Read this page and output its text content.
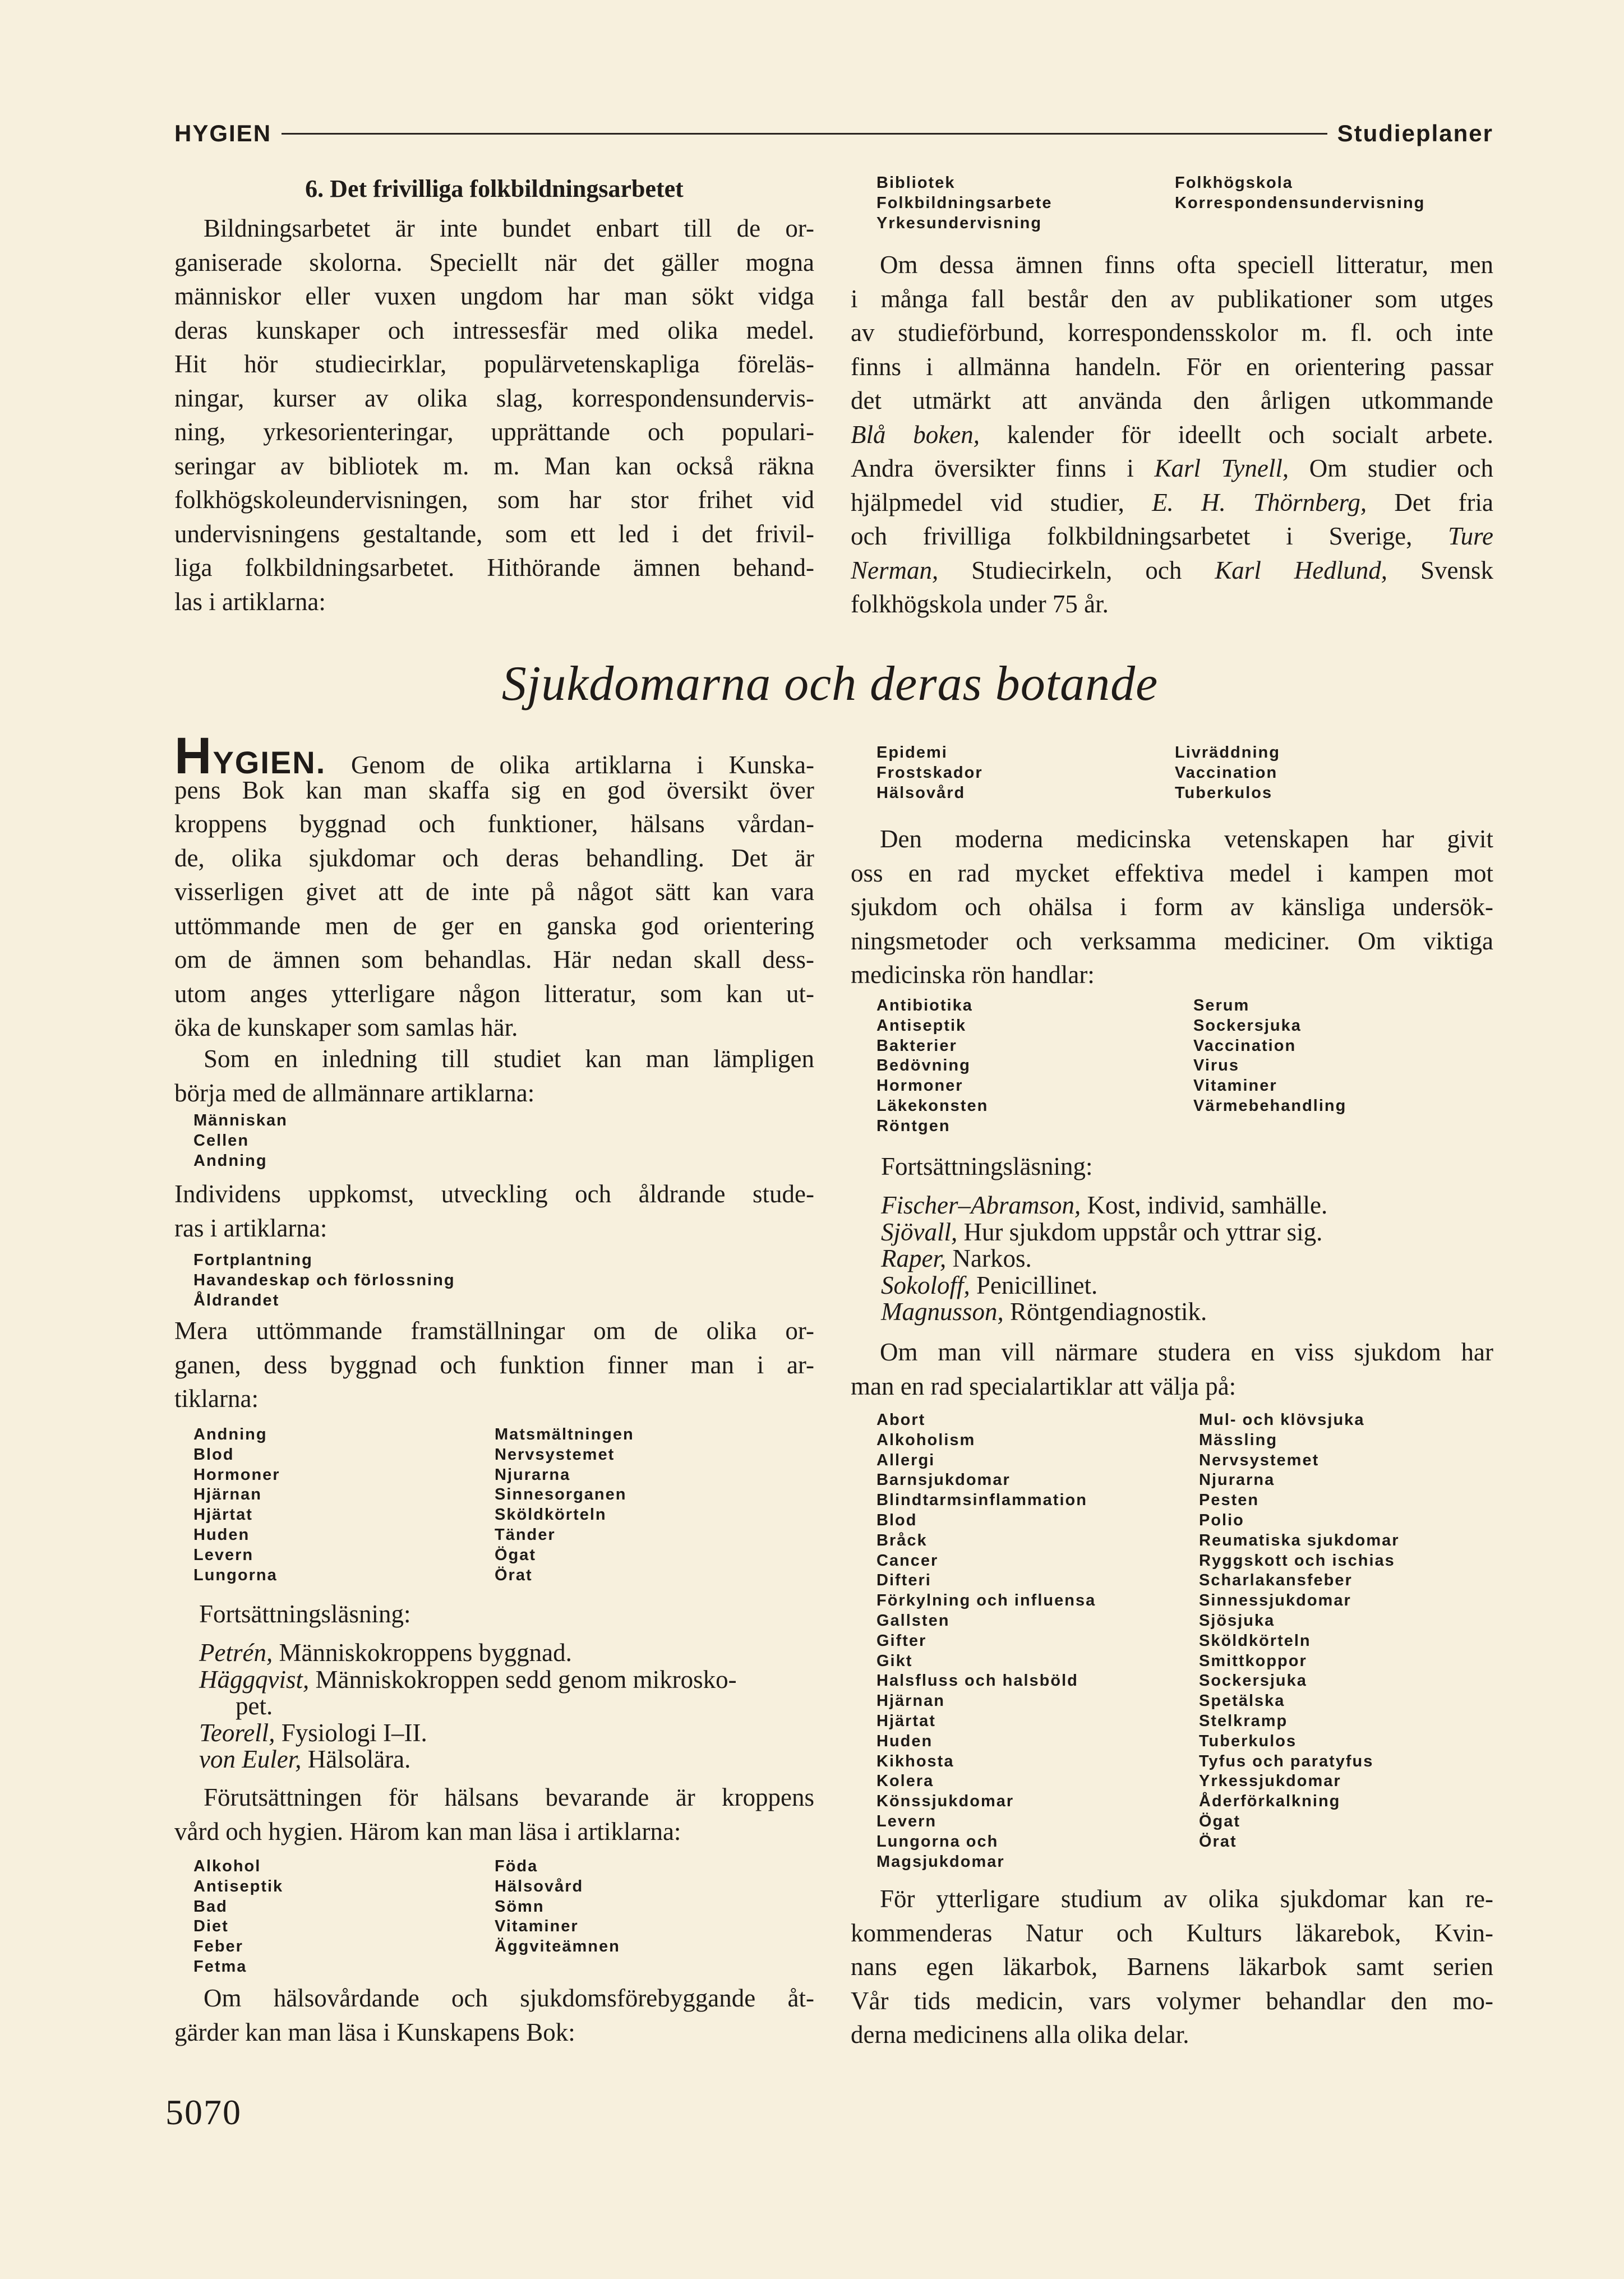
HYGIEN	Studieplaner
6. Det frivilliga folkbildningsarbetet
Bildningsarbetet är inte bundet enbart till de or-
ganiserade skolorna. Speciellt när det gäller mogna
människor eller vuxen ungdom har man sökt vidga
deras kunskaper och intressesfär med olika medel.
Hit hör studiecirklar, populärvetenskapliga föreläs-
ningar, kurser av olika slag, korrespondensundervis-
ning, yrkesorienteringar, upprättande och populari-
seringar av bibliotek m. m. Man kan också räkna
folkhögskoleundervisningen, som har stor frihet vid
undervisningens gestaltande, som ett led i det frivil-
liga folkbildningsarbetet. Hithörande ämnen behand-
las i artiklarna:
Bibliotek
Folkbildningsarbete
Yrkesundervisning
Folkhögskola
Korrespondensundervisning
Om dessa ämnen finns ofta speciell litteratur, men
i många fall består den av publikationer som utges
av studieförbund, korrespondensskolor m. fl. och inte
finns i allmänna handeln. För en orientering passar
det utmärkt att använda den årligen utkommande
Blå boken, kalender för ideellt och socialt arbete.
Andra översikter finns i Karl Tynell, Om studier och
hjälpmedel vid studier, E. H. Thörnberg, Det fria
och frivilliga folkbildningsarbetet i Sverige, Ture
Nerman, Studiecirkeln, och Karl Hedlund, Svensk
folkhögskola under 75 år.
Sjukdomarna och deras botande
HYGIEN. Genom de olika artiklarna i Kunska-
pens Bok kan man skaffa sig en god översikt över
kroppens byggnad och funktioner, hälsans vårdan-
de, olika sjukdomar och deras behandling. Det är
visserligen givet att de inte på något sätt kan vara
uttömmande men de ger en ganska god orientering
om de ämnen som behandlas. Här nedan skall dess-
utom anges ytterligare någon litteratur, som kan ut-
öka de kunskaper som samlas här.
Som en inledning till studiet kan man lämpligen
börja med de allmännare artiklarna:
Människan
Cellen
Andning
Individens uppkomst, utveckling och åldrande stude-
ras i artiklarna:
Fortplantning
Havandeskap och förlossning
Åldrandet
Mera uttömmande framställningar om de olika or-
ganen, dess byggnad och funktion finner man i ar-
tiklarna:
Andning
Blod
Hormoner
Hjärnan
Hjärtat
Huden
Levern
Lungorna
Matsmältningen
Nervsystemet
Njurarna
Sinnesorganen
Sköldkörteln
Tänder
Ögat
Örat
Fortsättningsläsning:
Petrén, Människokroppens byggnad.
Häggqvist, Människokroppen sedd genom mikrosko-
pet.
Teorell, Fysiologi I–II.
von Euler, Hälsolära.
Förutsättningen för hälsans bevarande är kroppens
vård och hygien. Härom kan man läsa i artiklarna:
Alkohol
Antiseptik
Bad
Diet
Feber
Fetma
Föda
Hälsovård
Sömn
Vitaminer
Äggviteämnen
Om hälsovårdande och sjukdomsförebyggande åt-
gärder kan man läsa i Kunskapens Bok:
Epidemi
Frostskador
Hälsovård
Livräddning
Vaccination
Tuberkulos
Den moderna medicinska vetenskapen har givit
oss en rad mycket effektiva medel i kampen mot
sjukdom och ohälsa i form av känsliga undersök-
ningsmetoder och verksamma mediciner. Om viktiga
medicinska rön handlar:
Antibiotika
Antiseptik
Bakterier
Bedövning
Hormoner
Läkekonsten
Röntgen
Serum
Sockersjuka
Vaccination
Virus
Vitaminer
Värmebehandling
Fortsättningsläsning:
Fischer–Abramson, Kost, individ, samhälle.
Sjövall, Hur sjukdom uppstår och yttrar sig.
Raper, Narkos.
Sokoloff, Penicillinet.
Magnusson, Röntgendiagnostik.
Om man vill närmare studera en viss sjukdom har
man en rad specialartiklar att välja på:
Abort
Alkoholism
Allergi
Barnsjukdomar
Blindtarmsinflammation
Blod
Bråck
Cancer
Difteri
Förkylning och influensa
Gallsten
Gifter
Gikt
Halsfluss och halsböld
Hjärnan
Hjärtat
Huden
Kikhosta
Kolera
Könssjukdomar
Levern
Lungorna och
Magsjukdomar
Mul- och klövsjuka
Mässling
Nervsystemet
Njurarna
Pesten
Polio
Reumatiska sjukdomar
Ryggskott och ischias
Scharlakansfeber
Sinnessjukdomar
Sjösjuka
Sköldkörteln
Smittkoppor
Sockersjuka
Spetälska
Stelkramp
Tuberkulos
Tyfus och paratyfus
Yrkessjukdomar
Åderförkalkning
Ögat
Örat
För ytterligare studium av olika sjukdomar kan re-
kommenderas Natur och Kulturs läkarebok, Kvin-
nans egen läkarbok, Barnens läkarbok samt serien
Vår tids medicin, vars volymer behandlar den mo-
derna medicinens alla olika delar.
5070
